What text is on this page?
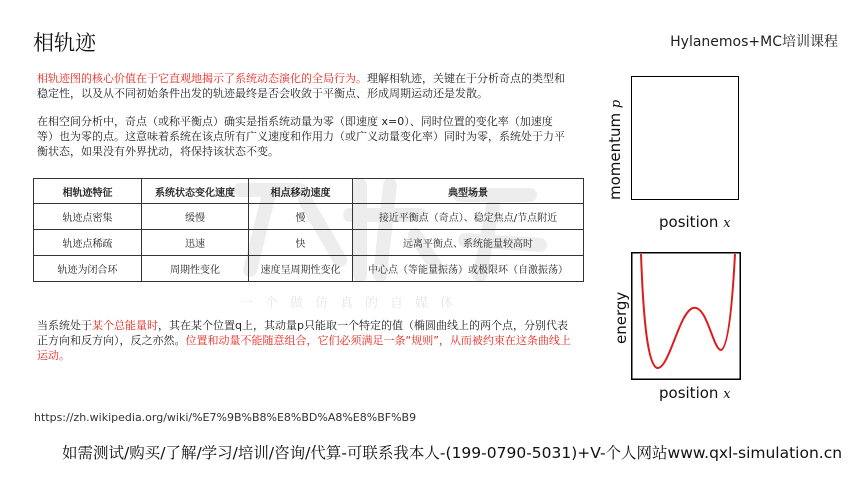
相轨迹	Hylanemos+MC培训课程
相轨迹图的核心价值在于它直观地揭示了系统动态演化的全局行为。理解相轨迹，关键在于分析奇点的类型和稳定性，以及从不同初始条件出发的轨迹最终是否会收敛于平衡点、形成周期运动还是发散。
在相空间分析中，奇点（或称平衡点）确实是指系统动量为零（即速度 x=0）、同时位置的变化率（加速度等）也为零的点。这意味着系统在该点所有广义速度和作用力（或广义动量变化率）同时为零，系统处于力平衡状态，如果没有外界扰动，将保持该状态不变。
一个做仿真的自媒体
相轨迹特征	系统状态变化速度	相点移动速度	典型场景
轨迹点密集	缓慢	慢	接近平衡点（奇点）、稳定焦点/节点附近
轨迹点稀疏	迅速	快	远离平衡点、系统能量较高时
轨迹为闭合环	周期性变化	速度呈周期性变化	中心点（等能量振荡）或极限环（自激振荡）
当系统处于某个总能量时，其在某个位置q上，其动量p只能取一个特定的值（椭圆曲线上的两个点，分别代表正方向和反方向），反之亦然。位置和动量不能随意组合，它们必须满足一条“规则”，从而被约束在这条曲线上运动。
https://zh.wikipedia.org/wiki/%E7%9B%B8%E8%BD%A8%E8%BF%B9
如需测试/购买/了解/学习/培训/咨询/代算-可联系我本人-(199-0790-5031)+V-个人网站www.qxl-simulation.cn
momentum p
position x
energy
position x
